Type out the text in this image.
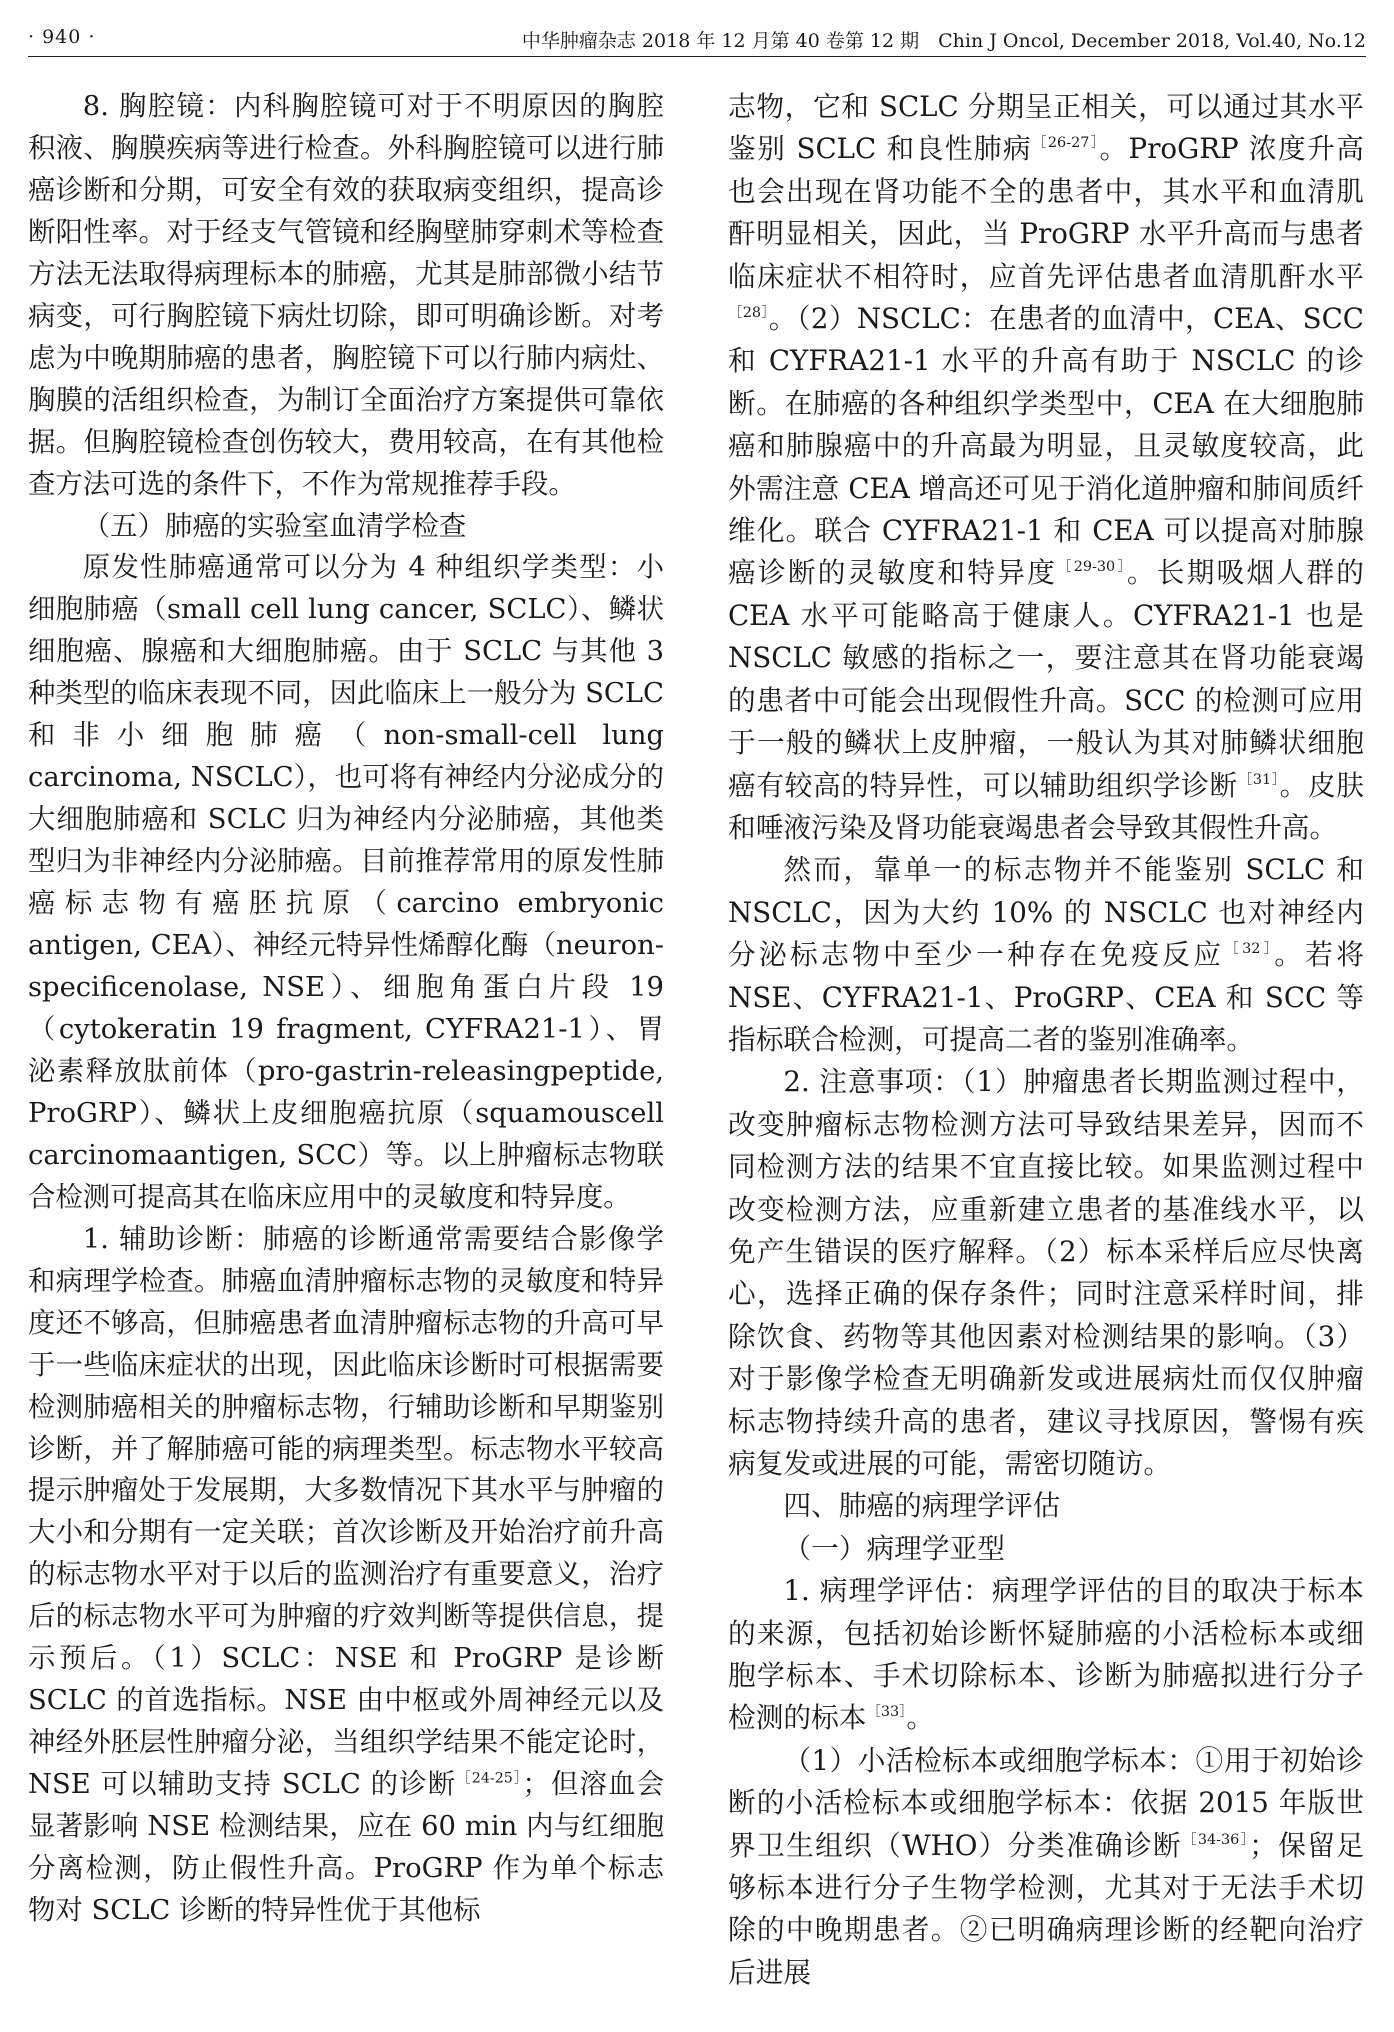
· 940 ·	中华肿瘤杂志 2018 年 12 月第 40 卷第 12 期　Chin J Oncol, December 2018, Vol.40, No.12

8. 胸腔镜：内科胸腔镜可对于不明原因的胸腔积液、胸膜疾病等进行检查。外科胸腔镜可以进行肺癌诊断和分期，可安全有效的获取病变组织，提高诊断阳性率。对于经支气管镜和经胸壁肺穿刺术等检查方法无法取得病理标本的肺癌，尤其是肺部微小结节病变，可行胸腔镜下病灶切除，即可明确诊断。对考虑为中晚期肺癌的患者，胸腔镜下可以行肺内病灶、胸膜的活组织检查，为制订全面治疗方案提供可靠依据。但胸腔镜检查创伤较大，费用较高，在有其他检查方法可选的条件下，不作为常规推荐手段。

（五）肺癌的实验室血清学检查

原发性肺癌通常可以分为 4 种组织学类型：小细胞肺癌（small cell lung cancer, SCLC）、鳞状细胞癌、腺癌和大细胞肺癌。由于 SCLC 与其他 3 种类型的临床表现不同，因此临床上一般分为 SCLC 和非小细胞肺癌（non-small-cell lung carcinoma, NSCLC），也可将有神经内分泌成分的大细胞肺癌和 SCLC 归为神经内分泌肺癌，其他类型归为非神经内分泌肺癌。目前推荐常用的原发性肺癌标志物有癌胚抗原（carcino embryonic antigen, CEA）、神经元特异性烯醇化酶（neuron-specificenolase, NSE）、细胞角蛋白片段 19（cytokeratin 19 fragment, CYFRA21-1）、胃泌素释放肽前体（pro-gastrin-releasingpeptide, ProGRP）、鳞状上皮细胞癌抗原（squamouscell carcinomaantigen, SCC）等。以上肿瘤标志物联合检测可提高其在临床应用中的灵敏度和特异度。

1. 辅助诊断：肺癌的诊断通常需要结合影像学和病理学检查。肺癌血清肿瘤标志物的灵敏度和特异度还不够高，但肺癌患者血清肿瘤标志物的升高可早于一些临床症状的出现，因此临床诊断时可根据需要检测肺癌相关的肿瘤标志物，行辅助诊断和早期鉴别诊断，并了解肺癌可能的病理类型。标志物水平较高提示肿瘤处于发展期，大多数情况下其水平与肿瘤的大小和分期有一定关联；首次诊断及开始治疗前升高的标志物水平对于以后的监测治疗有重要意义，治疗后的标志物水平可为肿瘤的疗效判断等提供信息，提示预后。（1）SCLC：NSE 和 ProGRP 是诊断 SCLC 的首选指标。NSE 由中枢或外周神经元以及神经外胚层性肿瘤分泌，当组织学结果不能定论时，NSE 可以辅助支持 SCLC 的诊断$^{[24-25]}$；但溶血会显著影响 NSE 检测结果，应在 60 min 内与红细胞分离检测，防止假性升高。ProGRP 作为单个标志物对 SCLC 诊断的特异性优于其他标

志物，它和 SCLC 分期呈正相关，可以通过其水平鉴别 SCLC 和良性肺病$^{[26-27]}$。ProGRP 浓度升高也会出现在肾功能不全的患者中，其水平和血清肌酐明显相关，因此，当 ProGRP 水平升高而与患者临床症状不相符时，应首先评估患者血清肌酐水平$^{[28]}$。（2）NSCLC：在患者的血清中，CEA、SCC 和 CYFRA21-1 水平的升高有助于 NSCLC 的诊断。在肺癌的各种组织学类型中，CEA 在大细胞肺癌和肺腺癌中的升高最为明显，且灵敏度较高，此外需注意 CEA 增高还可见于消化道肿瘤和肺间质纤维化。联合 CYFRA21-1 和 CEA 可以提高对肺腺癌诊断的灵敏度和特异度$^{[29-30]}$。长期吸烟人群的 CEA 水平可能略高于健康人。CYFRA21-1 也是 NSCLC 敏感的指标之一，要注意其在肾功能衰竭的患者中可能会出现假性升高。SCC 的检测可应用于一般的鳞状上皮肿瘤，一般认为其对肺鳞状细胞癌有较高的特异性，可以辅助组织学诊断$^{[31]}$。皮肤和唾液污染及肾功能衰竭患者会导致其假性升高。

然而，靠单一的标志物并不能鉴别 SCLC 和 NSCLC，因为大约 10% 的 NSCLC 也对神经内分泌标志物中至少一种存在免疫反应$^{[32]}$。若将 NSE、CYFRA21-1、ProGRP、CEA 和 SCC 等指标联合检测，可提高二者的鉴别准确率。

2. 注意事项：（1）肿瘤患者长期监测过程中，改变肿瘤标志物检测方法可导致结果差异，因而不同检测方法的结果不宜直接比较。如果监测过程中改变检测方法，应重新建立患者的基准线水平，以免产生错误的医疗解释。（2）标本采样后应尽快离心，选择正确的保存条件；同时注意采样时间，排除饮食、药物等其他因素对检测结果的影响。（3）对于影像学检查无明确新发或进展病灶而仅仅肿瘤标志物持续升高的患者，建议寻找原因，警惕有疾病复发或进展的可能，需密切随访。

四、肺癌的病理学评估

（一）病理学亚型

1. 病理学评估：病理学评估的目的取决于标本的来源，包括初始诊断怀疑肺癌的小活检标本或细胞学标本、手术切除标本、诊断为肺癌拟进行分子检测的标本$^{[33]}$。

（1）小活检标本或细胞学标本：①用于初始诊断的小活检标本或细胞学标本：依据 2015 年版世界卫生组织（WHO）分类准确诊断$^{[34-36]}$；保留足够标本进行分子生物学检测，尤其对于无法手术切除的中晚期患者。②已明确病理诊断的经靶向治疗后进展
